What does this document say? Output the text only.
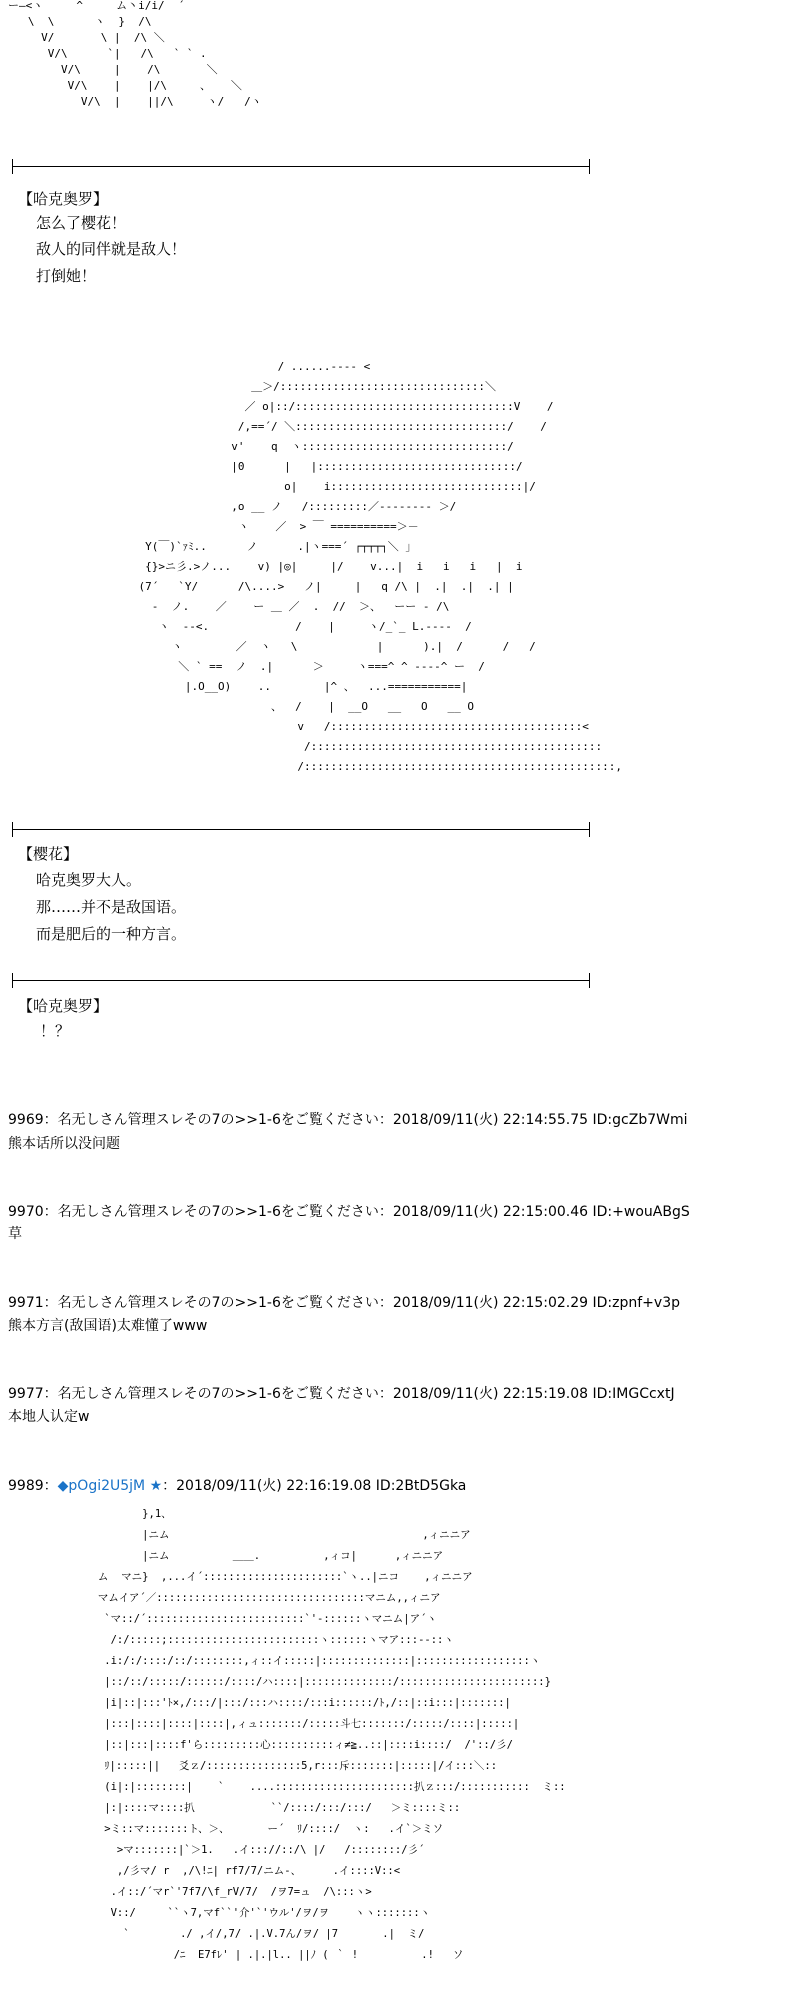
ー―<ヽ     ^     ム丶i/i/  ´
\  \      ヽ  }  /\
V/       \ |  /\ ＼
V/\      `|   /\   ` ` .
V/\     |    /\       ＼
V/\    |    |/\     、   ＼
V/\  |    ||/\     ヽ/   /ヽ
【哈克奥罗】
怎么了樱花！
敌人的同伴就是敌人！
打倒她！
/ ......---- <
＿＞/:::::::::::::::::::::::::::::::＼
／ o|::/:::::::::::::::::::::::::::::::::V    /
/,==´/ ＼::::::::::::::::::::::::::::::::/    /
v'    q  ヽ:::::::::::::::::::::::::::::::/
|0      |   |::::::::::::::::::::::::::::::/
o|    i:::::::::::::::::::::::::::::|/
,o __ ノ   /:::::::::／-------- ＞/
ヽ    ／  > ￣ ==========＞－
Y(￣)`ｧﾐ..      ノ      .|ヽ===´ ┌┬┬┬┐＼ ｣
{}>ニ彡.>ノ...    v) |◎|     |/    v...|  i   i   i   |  i
(7´   `Y/      /\....>   ノ|     |   q /\ |  .|  .|  .| |
‐  ノ.    ／    ー ＿ ／  .  //  ＞、  ーー - /\
ヽ  --<.             /    |     ヽ/_`_ L.----  /
ヽ        ／  ヽ   \            |      ).|  /      /   /
＼ ` ==  ノ  .|      ＞     ヽ===^ ^ ----^ ー  /
|.O__O)    ..        |^ 、  ...===========|
、  /    |  __O   __   O   __ O
v   /::::::::::::::::::::::::::::::::::::::<
/::::::::::::::::::::::::::::::::::::::::::::
/:::::::::::::::::::::::::::::::::::::::::::::::,
【樱花】
哈克奥罗大人。
那……并不是敌国语。
而是肥后的一种方言。
【哈克奥罗】
！？
9969：名无しさん管理スレその7の>>1-6をご覧ください：2018/09/11(火) 22:14:55.75 ID:gcZb7Wmi
熊本话所以没问题
9970：名无しさん管理スレその7の>>1-6をご覧ください：2018/09/11(火) 22:15:00.46 ID:+wouABgS
草
9971：名无しさん管理スレその7の>>1-6をご覧ください：2018/09/11(火) 22:15:02.29 ID:zpnf+v3p
熊本方言(敌国语)太难懂了www
9977：名无しさん管理スレその7の>>1-6をご覧ください：2018/09/11(火) 22:15:19.08 ID:IMGCcxtJ
本地人认定w
9989：◆pOgi2U5jM ★：2018/09/11(火) 22:16:19.08 ID:2BtD5Gka
},1、
|ニム                                        ,ィニニア
|ニム          ＿＿.          ,ィコ|      ,ィニニア
ム  マニ}  ,...イ´::::::::::::::::::::::`ヽ..|ニコ    ,ィニニア
マムイア´／:::::::::::::::::::::::::::::::::マニム,,ィニア
`マ::/´:::::::::::::::::::::::::`'-::::::ヽマニム|ア´ヽ
/:/:::::;::::::::::::::::::::::::ヽ::::::ヽマア:::--::ヽ
.i:/:/::::/::/::::::::,ィ::イ:::::|::::::::::::::|::::::::::::::::::ヽ
|::/::/:::::/::::::/::::/ハ::::|::::::::::::::/:::::::::::::::::::::::}
|i|::|:::'ﾄ×,/:::/|:::/:::ハ::::/:::i::::::/ﾄ,/::|::i:::|:::::::|
|:::|::::|::::|::::|,ィュ:::::::/:::::斗七:::::::/:::::/::::|:::::|
|::|:::|::::f'ら:::::::::心::::::::::ィ≠≧..::|::::i::::/  /'::/彡/
ﾘ|:::::||   爻ｚ/:::::::::::::::5,r:::斥:::::::|:::::|/イ:::＼::
(i|:|::::::::|    `    ....::::::::::::::::::::::扒ｚ:::/:::::::::::  ミ::
|:|::::マ::::扒            ``/::::/:::/:::/   ＞ミ::::ミ::
>ミ::マ:::::::ト、＞、      ー´  ﾘ/::::/  ヽ:   .イ`＞ミソ
>マ:::::::|`＞1.   .イ::://::/\ |/   /::::::::/彡´
,/彡マ/ r  ,/\!ﾆ| rf7/7/ニム-、     .イ::::V::<
.イ::/´マr`'7f7/\f_rV/7/  /ヲ7=ュ  /\:::ヽ>
V::/     ``ヽ7,マf``'介'`'ウル'/ヲ/ヲ    ヽヽ:::::::ヽ
`        ./ ,イ/,7/ .|.V.7ん/ヲ/ |7       .|  ミ/
/ﾆ  E7fﾚ' | .|.|l.. ||ﾉ ( ｀ !          .!   ソ
